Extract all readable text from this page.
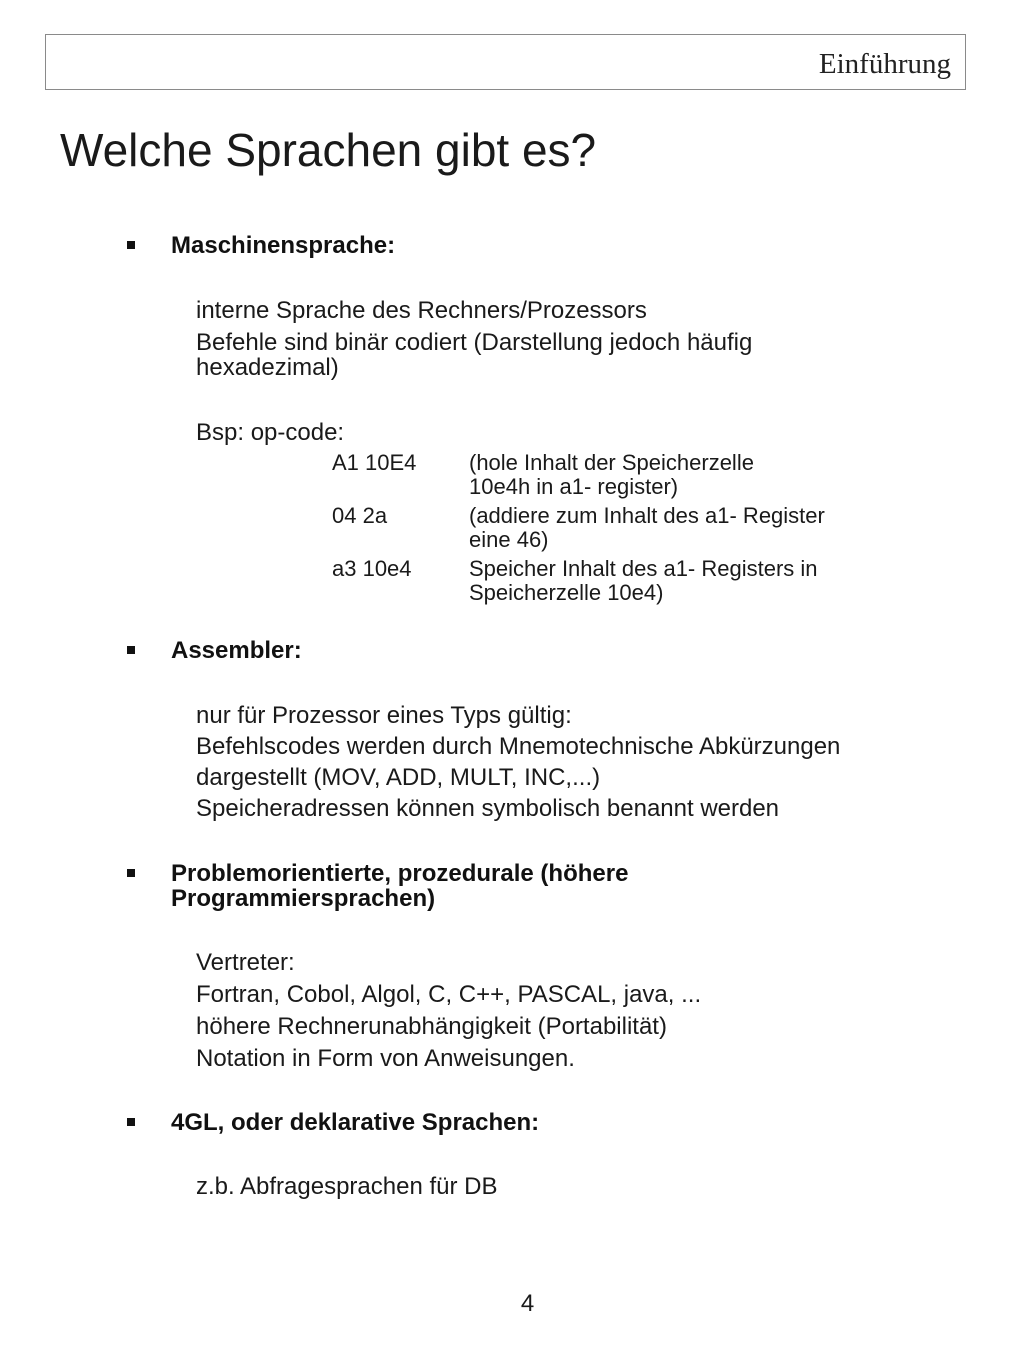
Einführung
Welche Sprachen gibt es?
Maschinensprache:
interne Sprache des Rechners/Prozessors
Befehle sind binär codiert (Darstellung jedoch häufig
hexadezimal)
Bsp: op-code:
A1 10E4 (hole Inhalt der Speicherzelle
10e4h in a1- register)
04 2a	(addiere zum Inhalt des a1- Register
eine 46)
a3 10e4	Speicher Inhalt des a1- Registers in
Speicherzelle 10e4)
Assembler:
nur für Prozessor eines Typs gültig:
Befehlscodes werden durch Mnemotechnische Abkürzungen
dargestellt (MOV, ADD, MULT, INC,...)
Speicheradressen können symbolisch benannt werden
Problemorientierte, prozedurale (höhere
Programmiersprachen)
Vertreter:
Fortran, Cobol, Algol, C, C++, PASCAL, java, ...
höhere Rechnerunabhängigkeit (Portabilität)
Notation in Form von Anweisungen.
4GL, oder deklarative Sprachen:
z.b. Abfragesprachen für DB
4
